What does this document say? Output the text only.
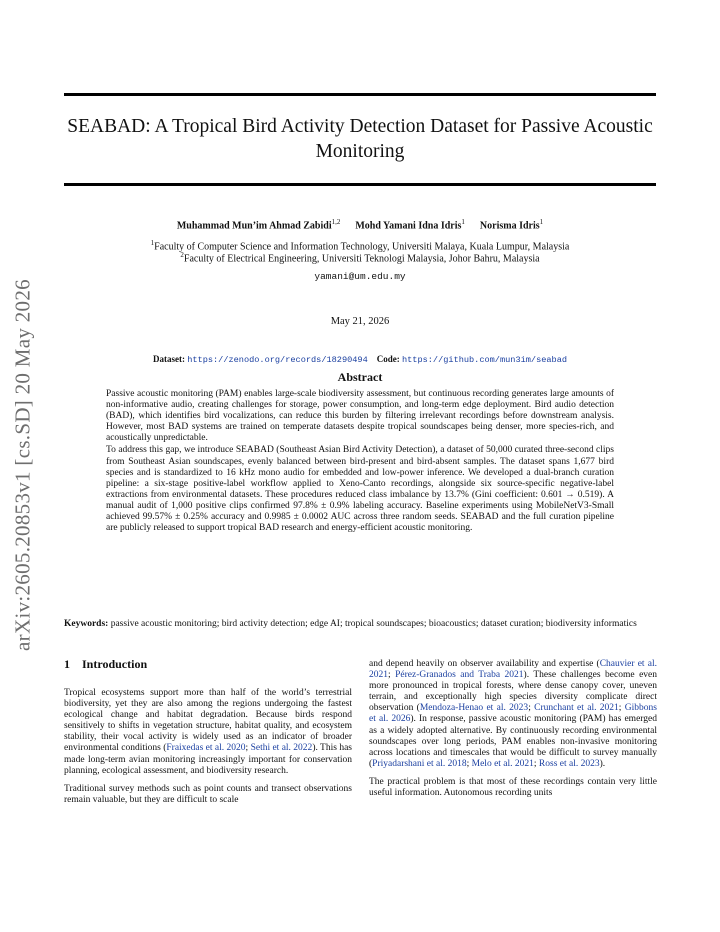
arXiv:2605.20853v1 [cs.SD] 20 May 2026
SEABAD: A Tropical Bird Activity Detection Dataset for Passive Acoustic Monitoring
Muhammad Mun’im Ahmad Zabidi$^{1,2}$ Mohd Yamani Idna Idris$^1$ Norisma Idris$^1$
$^1$Faculty of Computer Science and Information Technology, Universiti Malaya, Kuala Lumpur, Malaysia
$^2$Faculty of Electrical Engineering, Universiti Teknologi Malaysia, Johor Bahru, Malaysia
yamani@um.edu.my
May 21, 2026
Dataset: https://zenodo.org/records/18290494 Code: https://github.com/mun3im/seabad
Abstract

Passive acoustic monitoring (PAM) enables large-scale biodiversity assessment, but continuous recording generates large amounts of non-informative audio, creating challenges for storage, power consumption, and long-term edge deployment. Bird audio detection (BAD), which identifies bird vocalizations, can reduce this burden by filtering irrelevant recordings before downstream analysis. However, most BAD systems are trained on temperate datasets despite tropical soundscapes being denser, more species-rich, and acoustically unpredictable.

To address this gap, we introduce SEABAD (Southeast Asian Bird Activity Detection), a dataset of 50,000 curated three-second clips from Southeast Asian soundscapes, evenly balanced between bird-present and bird-absent samples. The dataset spans 1,677 bird species and is standardized to 16 kHz mono audio for embedded and low-power inference. We developed a dual-branch curation pipeline: a six-stage positive-label workflow applied to Xeno-Canto recordings, alongside six source-specific negative-label extractions from environmental datasets. These procedures reduced class imbalance by 13.7% (Gini coefficient: 0.601 → 0.519). A manual audit of 1,000 positive clips confirmed 97.8% ± 0.9% labeling accuracy. Baseline experiments using MobileNetV3-Small achieved 99.57% ± 0.25% accuracy and 0.9985 ± 0.0002 AUC across three random seeds. SEABAD and the full curation pipeline are publicly released to support tropical BAD research and energy-efficient acoustic monitoring.

Keywords: passive acoustic monitoring; bird activity detection; edge AI; tropical soundscapes; bioacoustics; dataset curation; biodiversity informatics
1 Introduction

Tropical ecosystems support more than half of the world’s terrestrial biodiversity, yet they are also among the regions undergoing the fastest ecological change and habitat degradation. Because birds respond sensitively to shifts in vegetation structure, habitat quality, and ecosystem stability, their vocal activity is widely used as an indicator of broader environmental conditions (Fraixedas et al. 2020; Sethi et al. 2022). This has made long-term avian monitoring increasingly important for conservation planning, ecological assessment, and biodiversity research.

Traditional survey methods such as point counts and transect observations remain valuable, but they are difficult to scale

and depend heavily on observer availability and expertise (Chauvier et al. 2021; Pérez-Granados and Traba 2021). These challenges become even more pronounced in tropical forests, where dense canopy cover, uneven terrain, and exceptionally high species diversity complicate direct observation (Mendoza-Henao et al. 2023; Crunchant et al. 2021; Gibbons et al. 2026). In response, passive acoustic monitoring (PAM) has emerged as a widely adopted alternative. By continuously recording environmental soundscapes over long periods, PAM enables non-invasive monitoring across locations and timescales that would be difficult to survey manually (Priyadarshani et al. 2018; Melo et al. 2021; Ross et al. 2023).

The practical problem is that most of these recordings contain very little useful information. Autonomous recording units
